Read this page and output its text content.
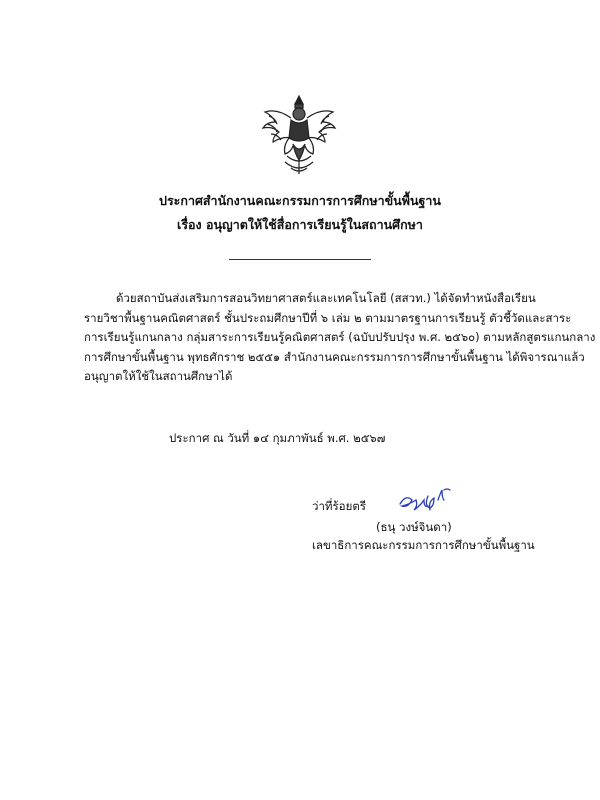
ประกาศสำนักงานคณะกรรมการการศึกษาขั้นพื้นฐาน
เรื่อง อนุญาตให้ใช้สื่อการเรียนรู้ในสถานศึกษา
ด้วยสถาบันส่งเสริมการสอนวิทยาศาสตร์และเทคโนโลยี (สสวท.) ได้จัดทำหนังสือเรียน
รายวิชาพื้นฐานคณิตศาสตร์ ชั้นประถมศึกษาปีที่ ๖ เล่ม ๒ ตามมาตรฐานการเรียนรู้ ตัวชี้วัดและสาระ
การเรียนรู้แกนกลาง กลุ่มสาระการเรียนรู้คณิตศาสตร์ (ฉบับปรับปรุง พ.ศ. ๒๕๖๐) ตามหลักสูตรแกนกลาง
การศึกษาขั้นพื้นฐาน พุทธศักราช ๒๕๕๑ สำนักงานคณะกรรมการการศึกษาขั้นพื้นฐาน ได้พิจารณาแล้ว
อนุญาตให้ใช้ในสถานศึกษาได้
ประกาศ ณ วันที่ ๑๔ กุมภาพันธ์ พ.ศ. ๒๕๖๗
ว่าที่ร้อยตรี
(ธนุ วงษ์จินดา)
เลขาธิการคณะกรรมการการศึกษาขั้นพื้นฐาน
